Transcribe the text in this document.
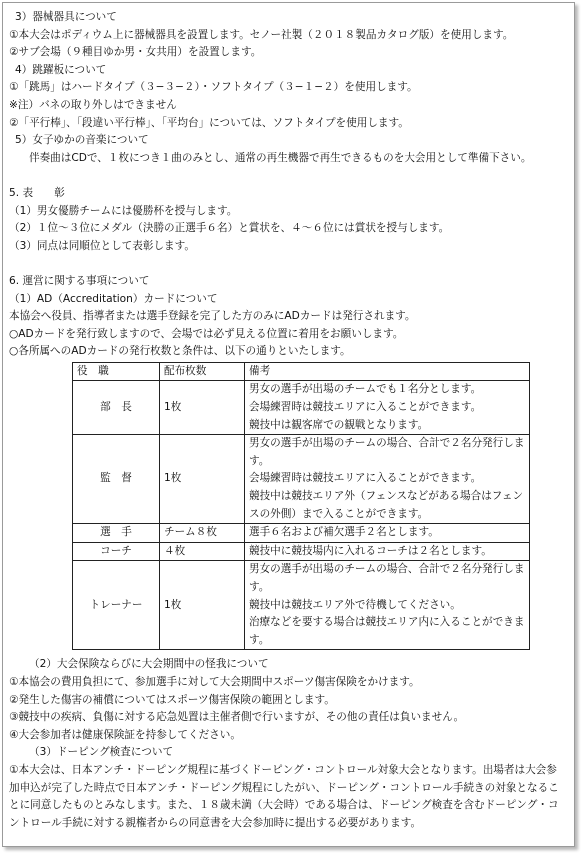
3）器械器具について
①本大会はポディウム上に器械器具を設置します。セノー社製（２０１８製品カタログ版）を使用します。
②サブ会場（９種目ゆか男・女共用）を設置します。
4）跳躍板について
①「跳馬」はハードタイプ（３−３−２）・ソフトタイプ（３−１−２）を使用します。
※注）バネの取り外しはできません
②「平行棒」、「段違い平行棒」、「平均台」については、ソフトタイプを使用します。
5）女子ゆかの音楽について
伴奏曲はCDで、１枚につき１曲のみとし、通常の再生機器で再生できるものを大会用として準備下さい。
5. 表　　彰
（1）男女優勝チームには優勝杯を授与します。
（2）１位〜３位にメダル（決勝の正選手６名）と賞状を、４〜６位には賞状を授与します。
（3）同点は同順位として表彰します。
6. 運営に関する事項について
（1）AD（Accreditation）カードについて
本協会へ役員、指導者または選手登録を完了した方のみにADカードは発行されます。
○ADカードを発行致しますので、会場では必ず見える位置に着用をお願いします。
○各所属へのADカードの発行枚数と条件は、以下の通りといたします。
役　職	配布枚数	備考
部　長	1枚	男女の選手が出場のチームでも１名分とします。
会場練習時は競技エリアに入ることができます。
競技中は観客席での観戦となります。

監　督	1枚	男女の選手が出場のチームの場合、合計で２名分発行します。
会場練習時は競技エリアに入ることができます。
競技中は競技エリア外（フェンスなどがある場合はフェンスの外側）まで入ることができます。

選　手	チーム８枚	選手６名および補欠選手２名とします。

コーチ	４枚	競技中に競技場内に入れるコーチは２名とします。

トレーナー	1枚	男女の選手が出場のチームの場合、合計で２名分発行します。
競技中は競技エリア外で待機してください。
治療などを要する場合は競技エリア内に入ることができます。
（2）大会保険ならびに大会期間中の怪我について
①本協会の費用負担にて、参加選手に対して大会期間中スポーツ傷害保険をかけます。
②発生した傷害の補償についてはスポーツ傷害保険の範囲とします。
③競技中の疾病、負傷に対する応急処置は主催者側で行いますが、その他の責任は負いません。
④大会参加者は健康保険証を持参してください。
（3）ドーピング検査について
①本大会は、日本アンチ・ドーピング規程に基づくドーピング・コントロール対象大会となります。出場者は大会参
加申込が完了した時点で日本アンチ・ドーピング規程にしたがい、ドーピング・コントロール手続きの対象となるこ
とに同意したものとみなします。また、１８歳未満（大会時）である場合は、ドーピング検査を含むドーピング・コ
ントロール手続に対する親権者からの同意書を大会参加時に提出する必要があります。
